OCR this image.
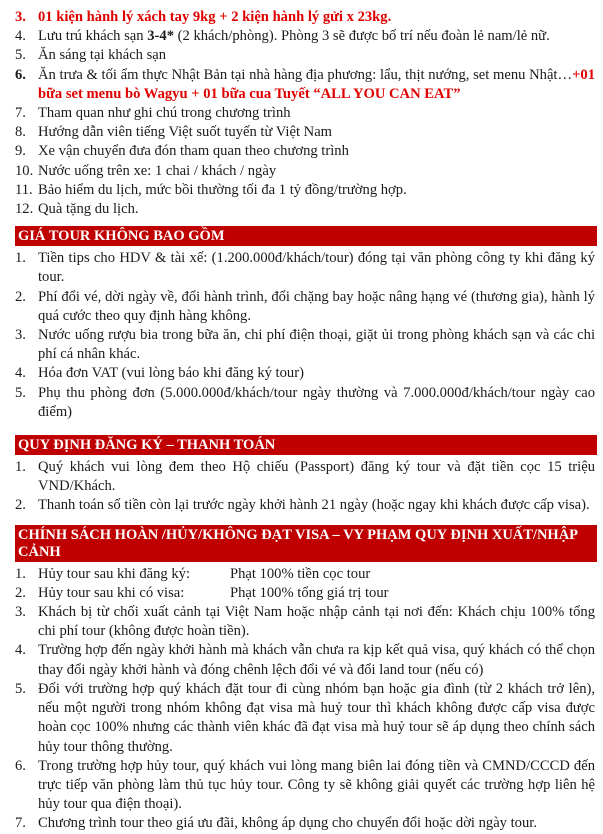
3. 01 kiện hành lý xách tay 9kg + 2 kiện hành lý gửi x 23kg.
4. Lưu trú khách sạn 3-4* (2 khách/phòng). Phòng 3 sẽ được bố trí nếu đoàn lẻ nam/lẻ nữ.
5. Ăn sáng tại khách sạn
6. Ăn trưa & tối ẩm thực Nhật Bản tại nhà hàng địa phương: lẩu, thịt nướng, set menu Nhật…+01 bữa set menu bò Wagyu + 01 bữa cua Tuyết “ALL YOU CAN EAT”
7. Tham quan như ghi chú trong chương trình
8. Hướng dẫn viên tiếng Việt suốt tuyến từ Việt Nam
9. Xe vận chuyển đưa đón tham quan theo chương trình
10. Nước uống trên xe: 1 chai / khách / ngày
11. Bảo hiểm du lịch, mức bồi thường tối đa 1 tỷ đồng/trường hợp.
12. Quà tặng du lịch.
GIÁ TOUR KHÔNG BAO GỒM
1. Tiền tips cho HDV & tài xế: (1.200.000đ/khách/tour) đóng tại văn phòng công ty khi đăng ký tour.
2. Phí đổi vé, dời ngày về, đổi hành trình, đổi chặng bay hoặc nâng hạng vé (thương gia), hành lý quá cước theo quy định hàng không.
3. Nước uống rượu bia trong bữa ăn, chi phí điện thoại, giặt ủi trong phòng khách sạn và các chi phí cá nhân khác.
4. Hóa đơn VAT (vui lòng báo khi đăng ký tour)
5. Phụ thu phòng đơn (5.000.000đ/khách/tour ngày thường và 7.000.000đ/khách/tour ngày cao điểm)
QUY ĐỊNH ĐĂNG KÝ – THANH TOÁN
1. Quý khách vui lòng đem theo Hộ chiếu (Passport) đăng ký tour và đặt tiền cọc 15 triệu VND/Khách.
2. Thanh toán số tiền còn lại trước ngày khởi hành 21 ngày (hoặc ngay khi khách được cấp visa).
CHÍNH SÁCH HOÀN /HỦY/KHÔNG ĐẠT VISA – VY PHẠM QUY ĐỊNH XUẤT/NHẬP CẢNH
1. Hủy tour sau khi đăng ký:	Phạt 100% tiền cọc tour
2. Hủy tour sau khi có visa:	Phạt 100% tổng giá trị tour
3. Khách bị từ chối xuất cảnh tại Việt Nam hoặc nhập cảnh tại nơi đến: Khách chịu 100% tổng chi phí tour (không được hoàn tiền).
4. Trường hợp đến ngày khởi hành mà khách vẫn chưa ra kịp kết quả visa, quý khách có thể chọn thay đổi ngày khởi hành và đóng chênh lệch đổi vé và đổi land tour (nếu có)
5. Đối với trường hợp quý khách đặt tour đi cùng nhóm bạn hoặc gia đình (từ 2 khách trở lên), nếu một người trong nhóm không đạt visa mà huỷ tour thì khách không được cấp visa được hoàn cọc 100% nhưng các thành viên khác đã đạt visa mà huỷ tour sẽ áp dụng theo chính sách hủy tour thông thường.
6. Trong trường hợp hủy tour, quý khách vui lòng mang biên lai đóng tiền và CMND/CCCD đến trực tiếp văn phòng làm thủ tục hủy tour. Công ty sẽ không giải quyết các trường hợp liên hệ hủy tour qua điện thoại).
7. Chương trình tour theo giá ưu đãi, không áp dụng cho chuyển đổi hoặc dời ngày tour.
